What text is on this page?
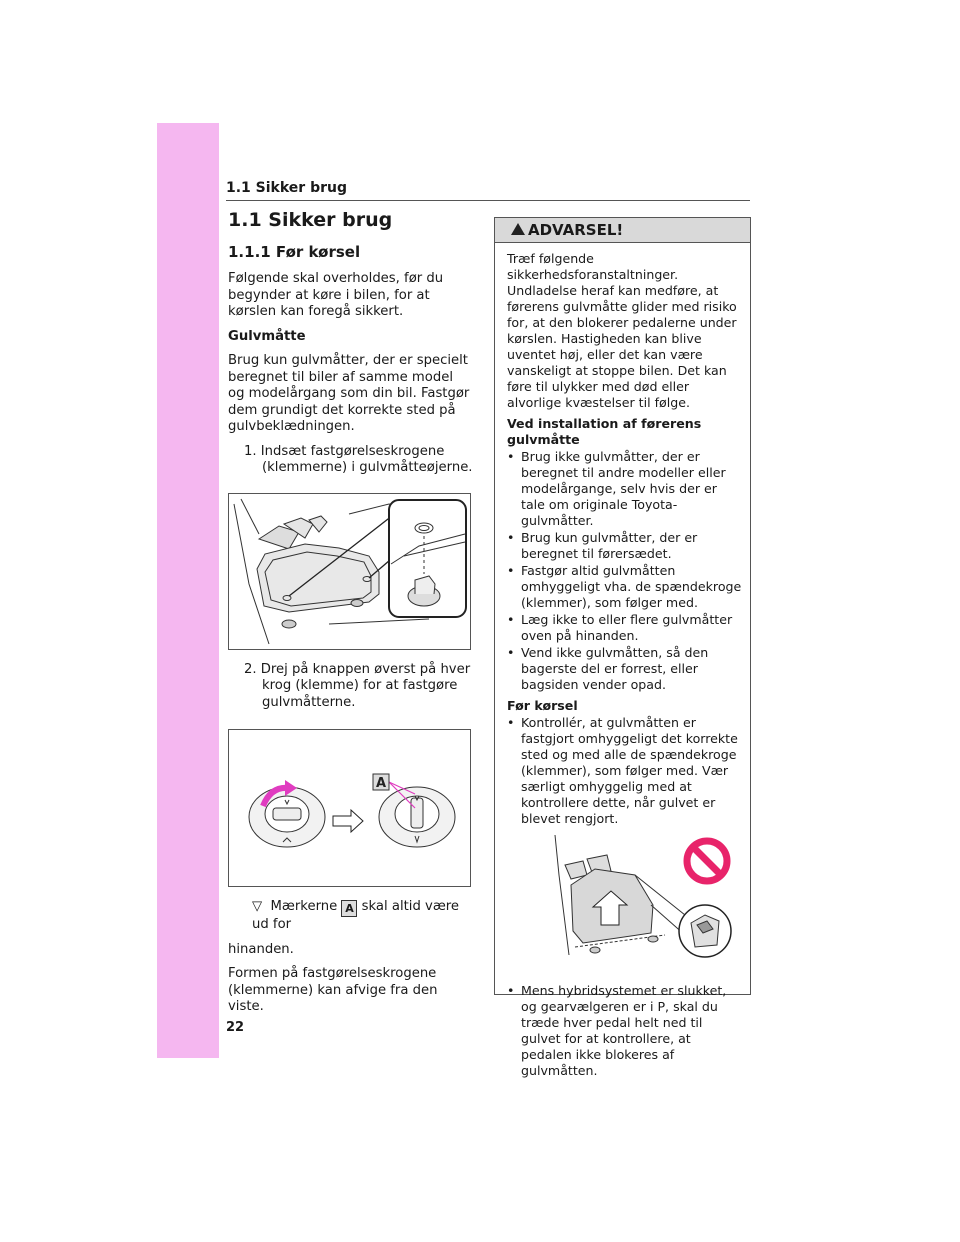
1.1 Sikker brug

1.1 Sikker brug

1.1.1 Før kørsel

Følgende skal overholdes, før du begynder at køre i bilen, for at kørslen kan foregå sikkert.

Gulvmåtte

Brug kun gulvmåtter, der er specielt beregnet til biler af samme model og modelårgang som din bil. Fastgør dem grundigt det korrekte sted på gulvbeklædningen.

1. Indsæt fastgørelseskrogene (klemmerne) i gulvmåtteøjerne.

2. Drej på knappen øverst på hver krog (klemme) for at fastgøre gulvmåtterne.

A

▽ Mærkerne A skal altid være ud for

hinanden.

Formen på fastgørelseskrogene (klemmerne) kan afvige fra den viste.

ADVARSEL!

Træf følgende sikkerhedsforanstaltninger. Undladelse heraf kan medføre, at førerens gulvmåtte glider med risiko for, at den blokerer pedalerne under kørslen. Hastigheden kan blive uventet høj, eller det kan være vanskeligt at stoppe bilen. Det kan føre til ulykker med død eller alvorlige kvæstelser til følge.

Ved installation af førerens gulvmåtte

• Brug ikke gulvmåtter, der er beregnet til andre modeller eller modelårgange, selv hvis der er tale om originale Toyota-gulvmåtter.

• Brug kun gulvmåtter, der er beregnet til førersædet.

• Fastgør altid gulvmåtten omhyggeligt vha. de spændekroge (klemmer), som følger med.

• Læg ikke to eller flere gulvmåtter oven på hinanden.

• Vend ikke gulvmåtten, så den bagerste del er forrest, eller bagsiden vender opad.

Før kørsel

• Kontrollér, at gulvmåtten er fastgjort omhyggeligt det korrekte sted og med alle de spændekroge (klemmer), som følger med. Vær særligt omhyggelig med at kontrollere dette, når gulvet er blevet rengjort.

• Mens hybridsystemet er slukket, og gearvælgeren er i P, skal du træde hver pedal helt ned til gulvet for at kontrollere, at pedalen ikke blokeres af gulvmåtten.

22
